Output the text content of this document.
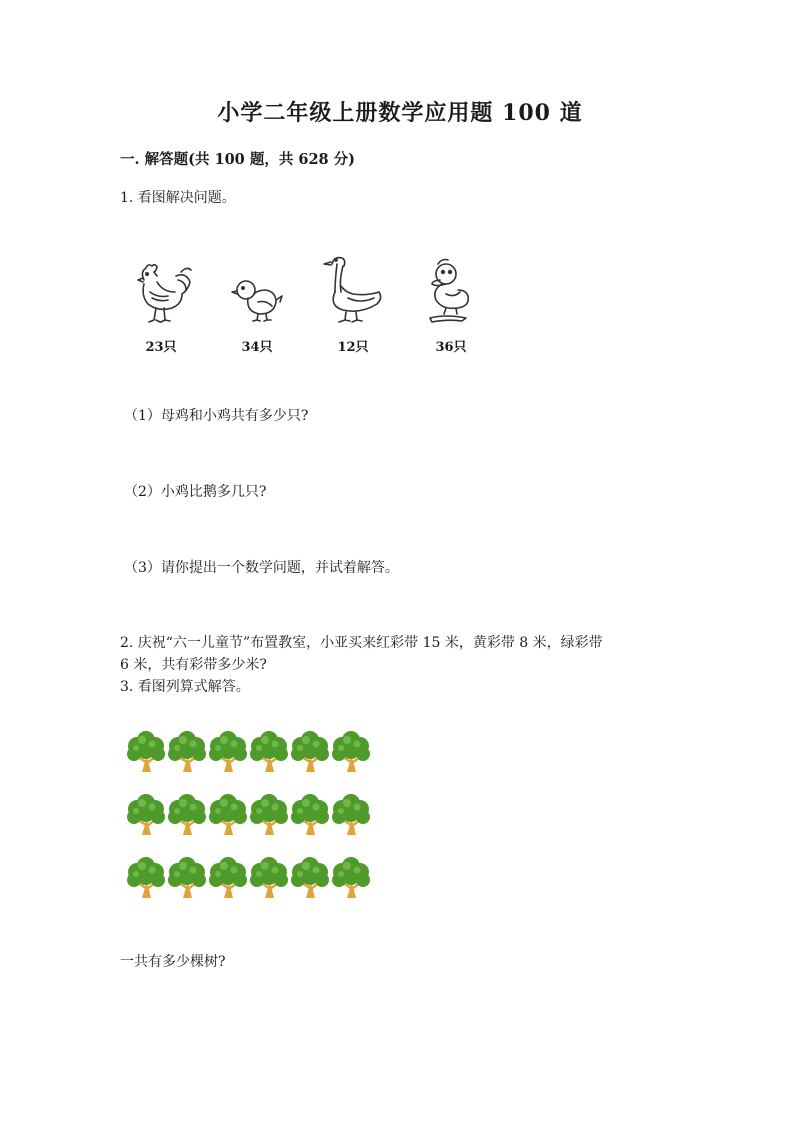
小学二年级上册数学应用题 100 道
一. 解答题(共 100 题，共 628 分)
1. 看图解决问题。
23只	34只	12只	36只
（1）母鸡和小鸡共有多少只?
（2）小鸡比鹅多几只?
（3）请你提出一个数学问题，并试着解答。
2. 庆祝“六一儿童节”布置教室，小亚买来红彩带 15 米，黄彩带 8 米，绿彩带
6 米，共有彩带多少米?
3. 看图列算式解答。
一共有多少棵树?
